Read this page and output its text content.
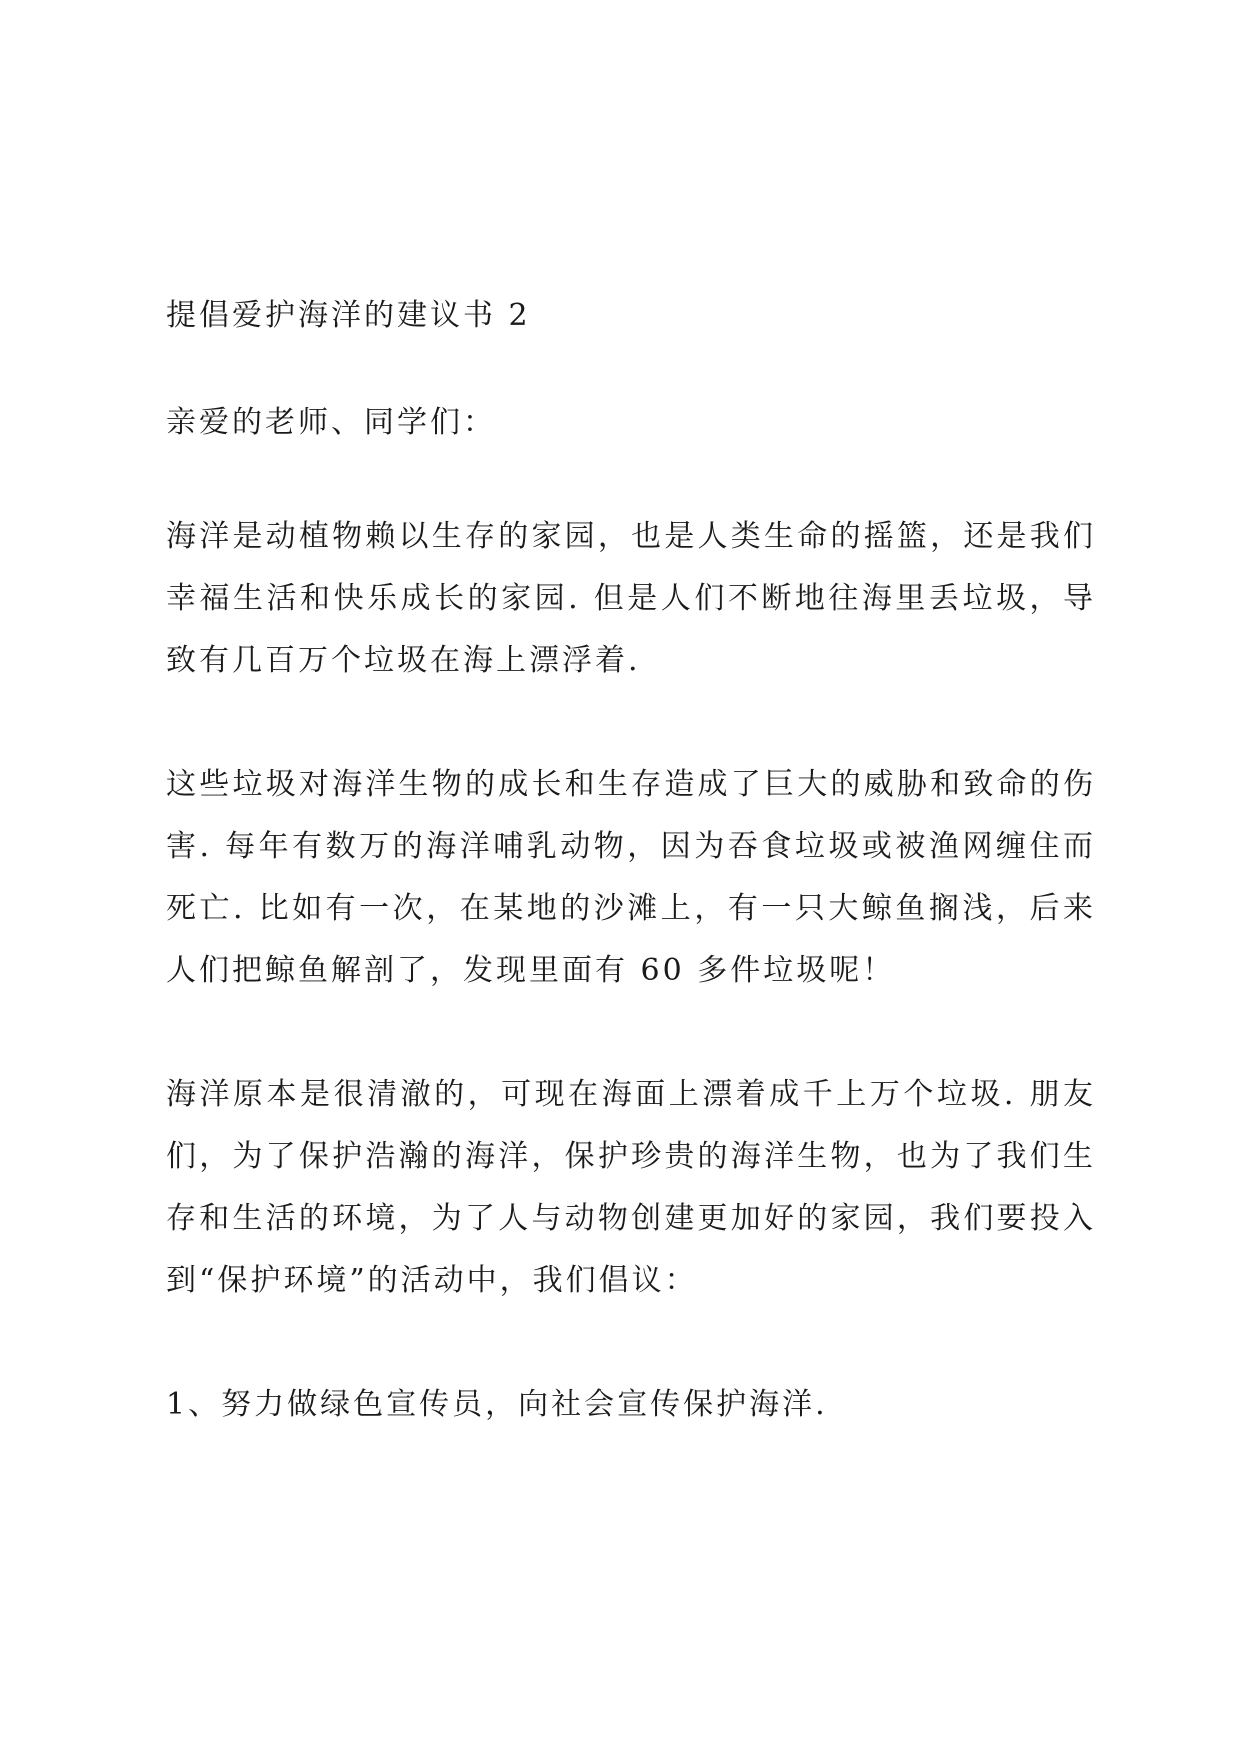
提倡爱护海洋的建议书 2

亲爱的老师、同学们：

海洋是动植物赖以生存的家园，也是人类生命的摇篮，还是我们幸福生活和快乐成长的家园. 但是人们不断地往海里丢垃圾，导致有几百万个垃圾在海上漂浮着.

这些垃圾对海洋生物的成长和生存造成了巨大的威胁和致命的伤害. 每年有数万的海洋哺乳动物，因为吞食垃圾或被渔网缠住而死亡. 比如有一次，在某地的沙滩上，有一只大鲸鱼搁浅，后来人们把鲸鱼解剖了，发现里面有 60 多件垃圾呢！

海洋原本是很清澈的，可现在海面上漂着成千上万个垃圾. 朋友们，为了保护浩瀚的海洋，保护珍贵的海洋生物，也为了我们生存和生活的环境，为了人与动物创建更加好的家园，我们要投入到“保护环境”的活动中，我们倡议：

1、努力做绿色宣传员，向社会宣传保护海洋.
